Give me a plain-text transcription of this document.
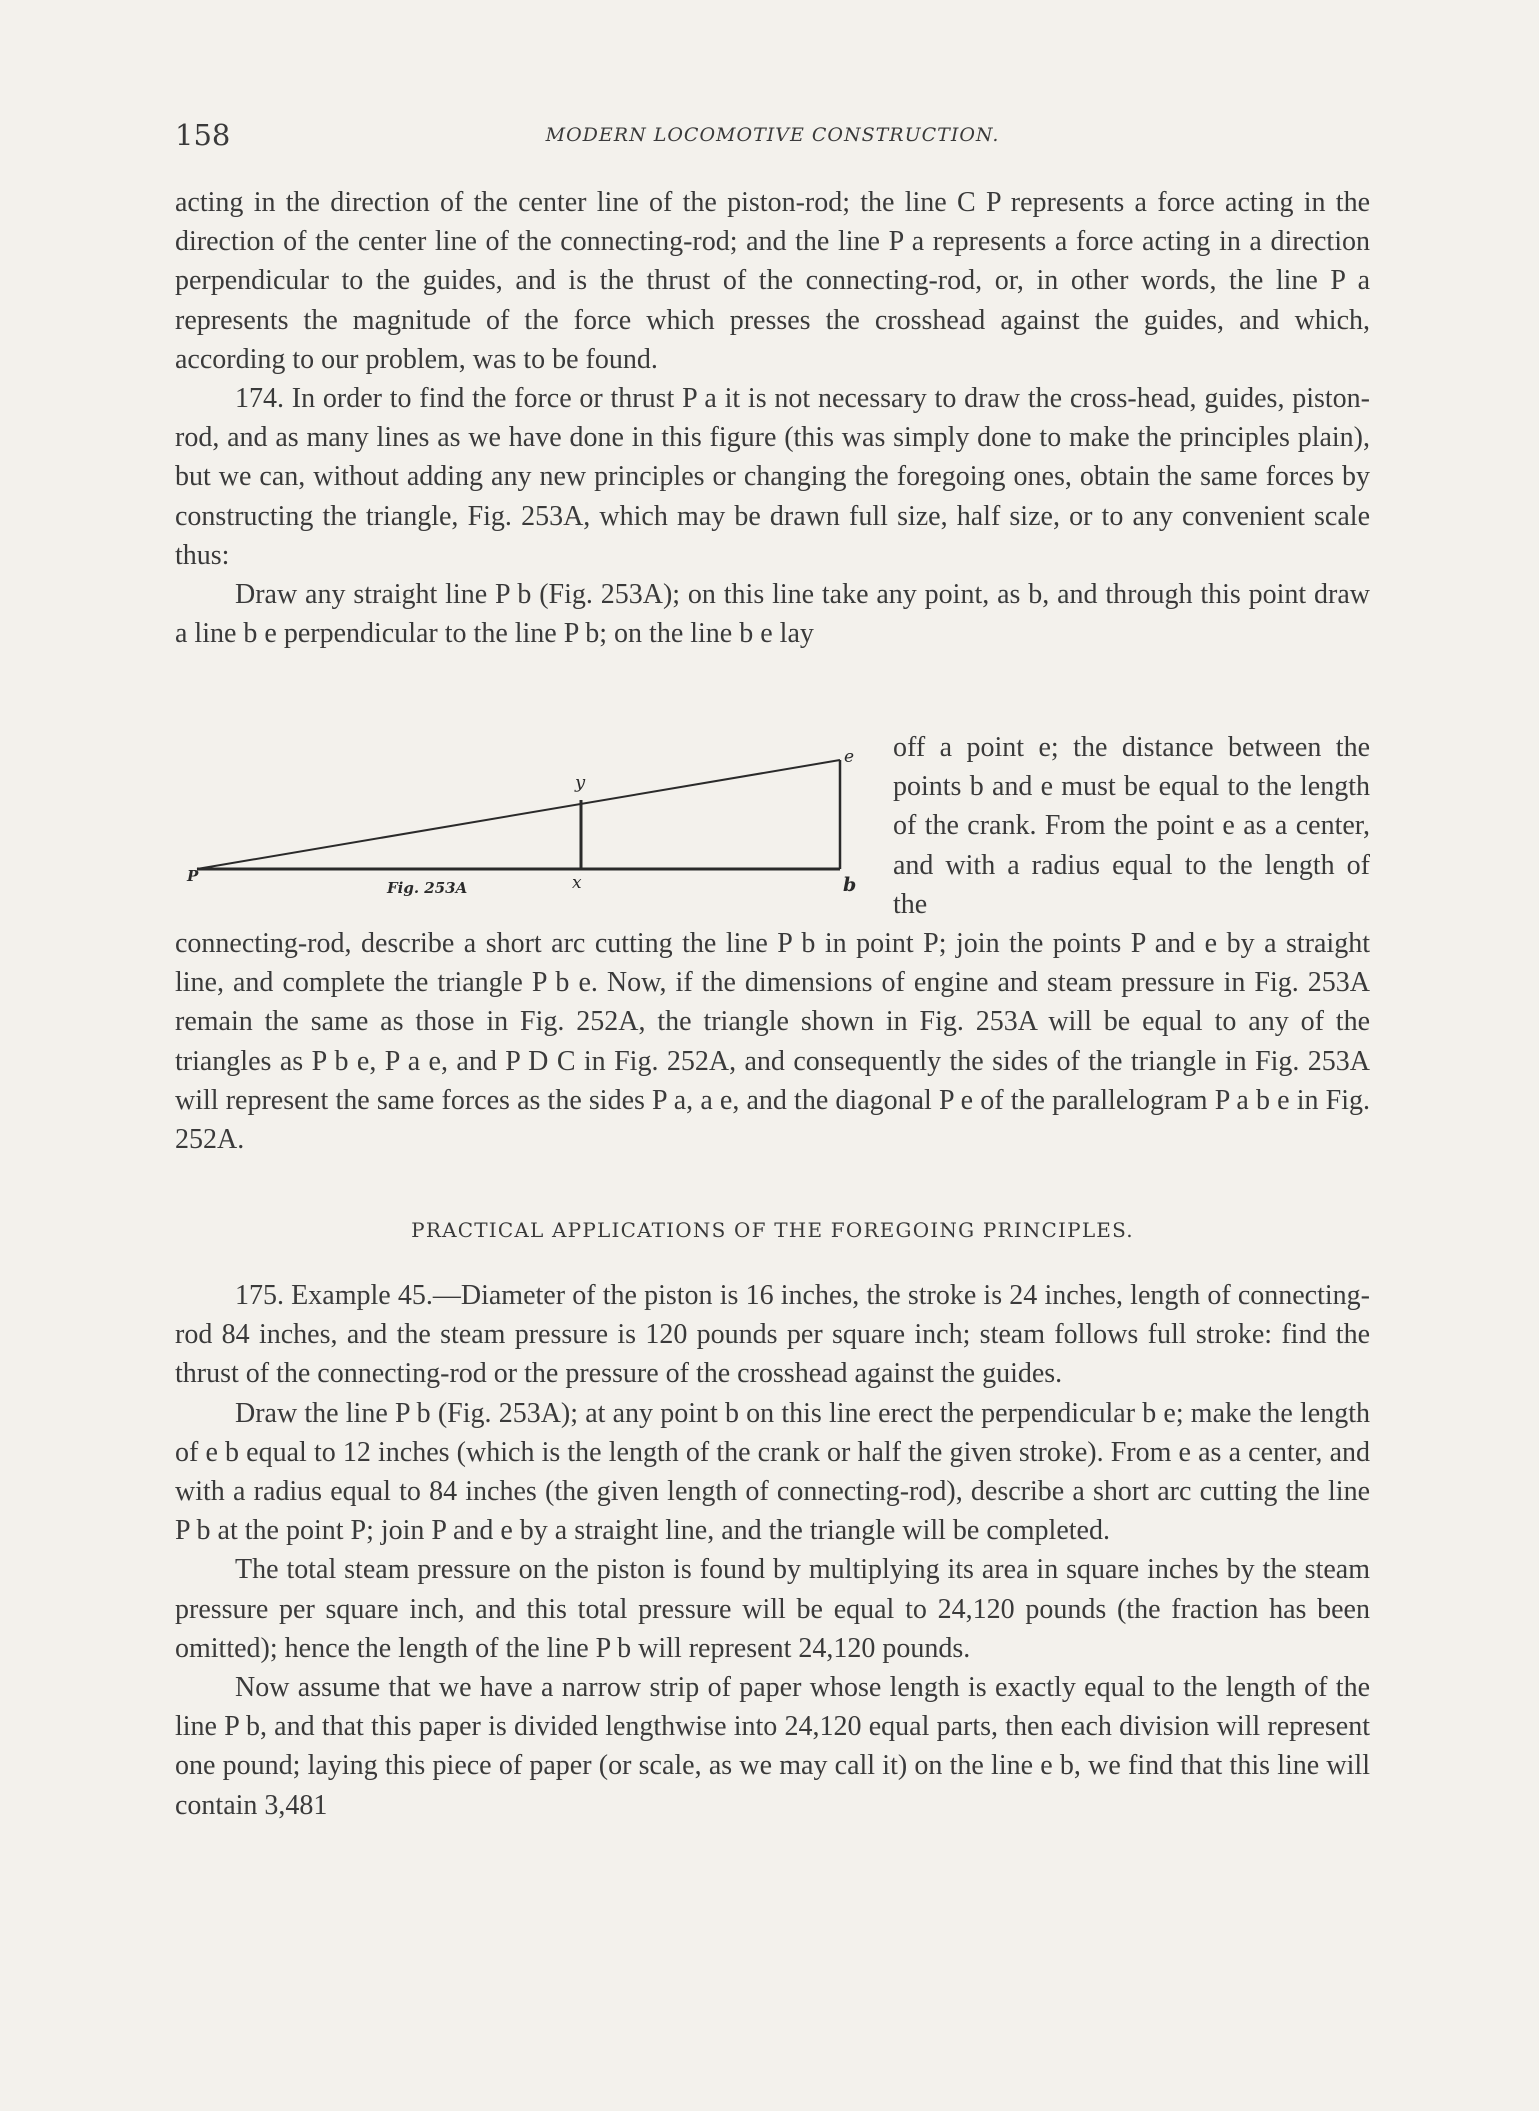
158	MODERN LOCOMOTIVE CONSTRUCTION.

acting in the direction of the center line of the piston-rod; the line C P represents a force acting in the direction of the center line of the connecting-rod; and the line P a represents a force acting in a direction perpendicular to the guides, and is the thrust of the connecting-rod, or, in other words, the line P a represents the magnitude of the force which presses the crosshead against the guides, and which, according to our problem, was to be found.

174. In order to find the force or thrust P a it is not necessary to draw the cross-head, guides, piston-rod, and as many lines as we have done in this figure (this was simply done to make the principles plain), but we can, without adding any new principles or changing the foregoing ones, obtain the same forces by constructing the triangle, Fig. 253A, which may be drawn full size, half size, or to any convenient scale thus:

Draw any straight line P b (Fig. 253A); on this line take any point, as b, and through this point draw a line b e perpendicular to the line P b; on the line b e lay

P	b
e
x
y
Fig. 253A

off a point e; the distance between the points b and e must be equal to the length of the crank. From the point e as a center, and with a radius equal to the length of the

connecting-rod, describe a short arc cutting the line P b in point P; join the points P and e by a straight line, and complete the triangle P b e. Now, if the dimensions of engine and steam pressure in Fig. 253A remain the same as those in Fig. 252A, the triangle shown in Fig. 253A will be equal to any of the triangles as P b e, P a e, and P D C in Fig. 252A, and consequently the sides of the triangle in Fig. 253A will represent the same forces as the sides P a, a e, and the diagonal P e of the parallelogram P a b e in Fig. 252A.

PRACTICAL APPLICATIONS OF THE FOREGOING PRINCIPLES.

175. Example 45.—Diameter of the piston is 16 inches, the stroke is 24 inches, length of connecting-rod 84 inches, and the steam pressure is 120 pounds per square inch; steam follows full stroke: find the thrust of the connecting-rod or the pressure of the crosshead against the guides.

Draw the line P b (Fig. 253A); at any point b on this line erect the perpendicular b e; make the length of e b equal to 12 inches (which is the length of the crank or half the given stroke). From e as a center, and with a radius equal to 84 inches (the given length of connecting-rod), describe a short arc cutting the line P b at the point P; join P and e by a straight line, and the triangle will be completed.

The total steam pressure on the piston is found by multiplying its area in square inches by the steam pressure per square inch, and this total pressure will be equal to 24,120 pounds (the fraction has been omitted); hence the length of the line P b will represent 24,120 pounds.

Now assume that we have a narrow strip of paper whose length is exactly equal to the length of the line P b, and that this paper is divided lengthwise into 24,120 equal parts, then each division will represent one pound; laying this piece of paper (or scale, as we may call it) on the line e b, we find that this line will contain 3,481
